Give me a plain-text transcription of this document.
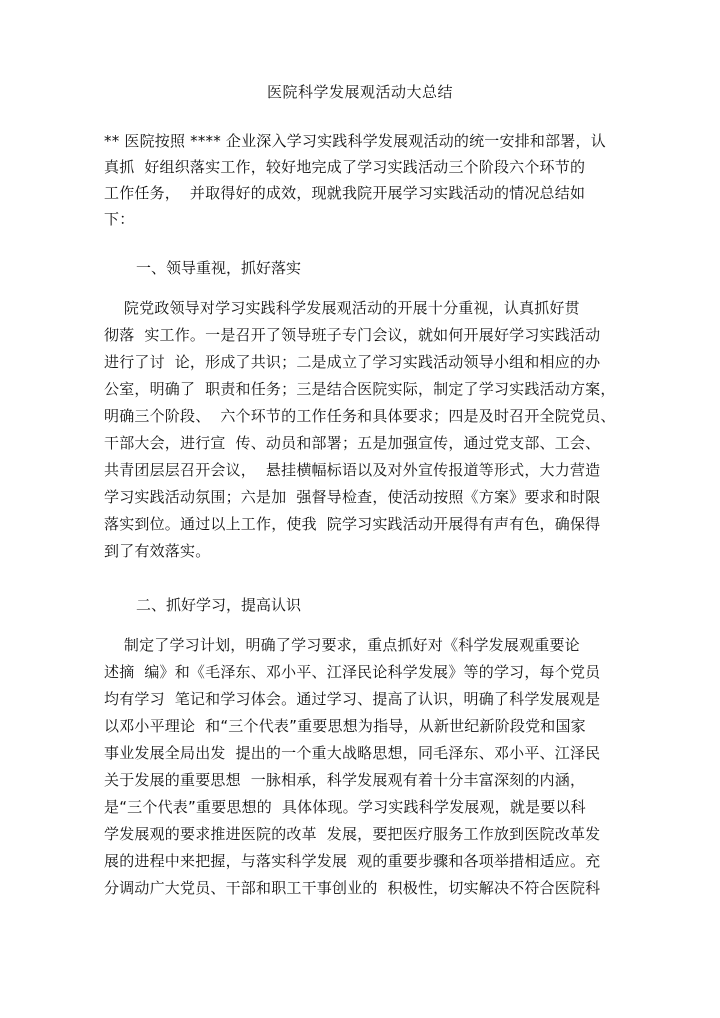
医院科学发展观活动大总结
** 医院按照 **** 企业深入学习实践科学发展观活动的统一安排和部署，认
真抓  好组织落实工作，较好地完成了学习实践活动三个阶段六个环节的
工作任务，  并取得好的成效，现就我院开展学习实践活动的情况总结如
下：
一、领导重视，抓好落实
院党政领导对学习实践科学发展观活动的开展十分重视，认真抓好贯
彻落  实工作。一是召开了领导班子专门会议，就如何开展好学习实践活动
进行了讨  论，形成了共识；二是成立了学习实践活动领导小组和相应的办
公室，明确了  职责和任务；三是结合医院实际，制定了学习实践活动方案，
明确三个阶段、  六个环节的工作任务和具体要求；四是及时召开全院党员、
干部大会，进行宣  传、动员和部署；五是加强宣传，通过党支部、工会、
共青团层层召开会议，  悬挂横幅标语以及对外宣传报道等形式，大力营造
学习实践活动氛围；六是加  强督导检查，使活动按照《方案》要求和时限
落实到位。通过以上工作，使我  院学习实践活动开展得有声有色，确保得
到了有效落实。
二、抓好学习，提高认识
制定了学习计划，明确了学习要求，重点抓好对《科学发展观重要论
述摘  编》和《毛泽东、邓小平、江泽民论科学发展》等的学习，每个党员
均有学习  笔记和学习体会。通过学习、提高了认识，明确了科学发展观是
以邓小平理论  和“三个代表”重要思想为指导，从新世纪新阶段党和国家
事业发展全局出发  提出的一个重大战略思想，同毛泽东、邓小平、江泽民
关于发展的重要思想  一脉相承，科学发展观有着十分丰富深刻的内涵，
是“三个代表”重要思想的  具体体现。学习实践科学发展观，就是要以科
学发展观的要求推进医院的改革  发展，要把医疗服务工作放到医院改革发
展的进程中来把握，与落实科学发展  观的重要步骤和各项举措相适应。充
分调动广大党员、干部和职工干事创业的  积极性，切实解决不符合医院科
